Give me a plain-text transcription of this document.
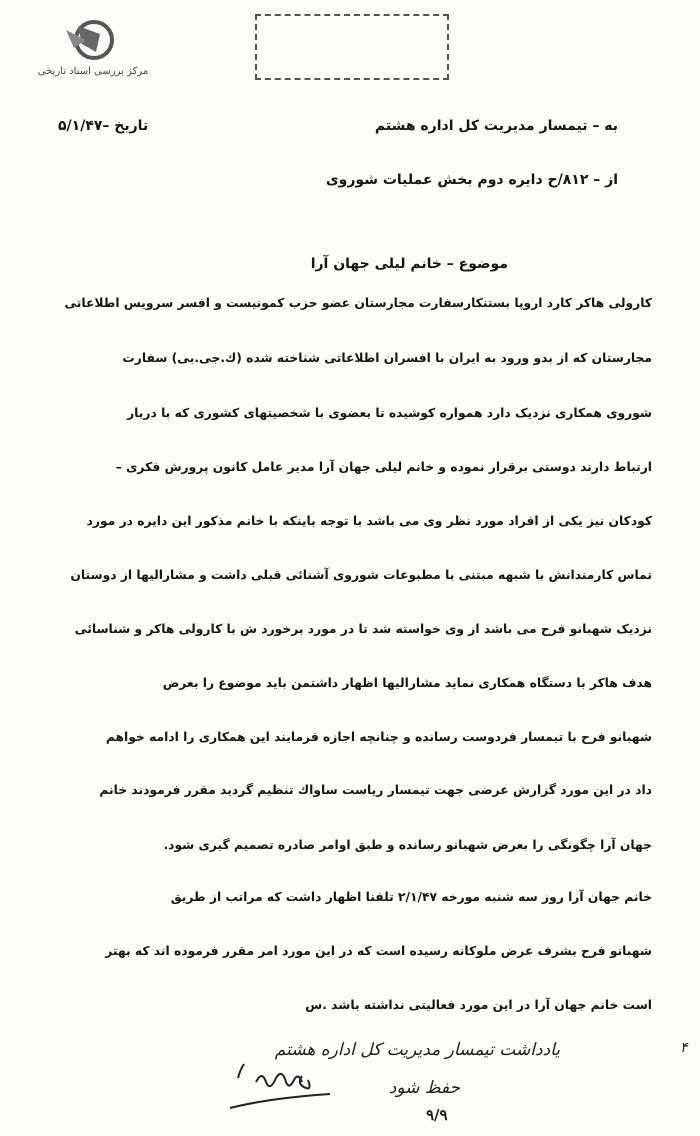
مرکز بررسی اسناد تاریخی
به – تیمسار مدیریت کل اداره هشتم
تاریخ –۵/۱/۴۷
از – ۸۱۲/ح دایره دوم بخش عملیات شوروی
موضوع – خانم لیلی جهان آرا
کارولی هاکر کارد اروپا بستنکارسفارت مجارستان عضو حزب کمونیست و افسر سرویس اطلاعاتی
مجارستان که از بدو ورود به ایران با افسران اطلاعاتی شناخته شده (ك.جی.بی) سفارت
شوروی همکاری نزدیک دارد همواره کوشیده تا بعضوی با شخصیتهای کشوری که با دربار
ارتباط دارند دوستی برقرار نموده و خانم لیلی جهان آرا مدیر عامل کانون پرورش فکری –
کودکان نیز یکی از افراد مورد نظر وی می باشد با توجه باینکه با خانم مذکور این دایره در مورد
تماس کارمندانش با شبهه مبتنی با مطبوعات شوروی آشنائی قبلی داشت و مشارالیها از دوستان
نزدیک شهبانو فرح می باشد از وی خواسته شد تا در مورد برخورد ش با کارولی هاکر و شناسائی
هدف هاکر با دستگاه همکاری نماید مشارالیها اظهار داشتمن باید موضوع را بعرض
شهبانو فرح با تیمسار فردوست رسانده و چنانچه اجازه فرمایند این همکاری را ادامه خواهم
داد در این مورد گزارش عرضی جهت تیمسار ریاست ساواك تنظیم گردید مقرر فرمودند خانم
جهان آرا چگونگی را بعرض شهبانو رسانده و طبق اوامر صادره تصمیم گیری شود.
خانم جهان آرا روز سه شنبه مورخه ۲/۱/۴۷ تلفنا اظهار داشت که مراتب از طریق
شهبانو فرح بشرف عرض ملوکانه رسیده است که در این مورد امر مقرر فرموده اند که بهتر
است خانم جهان آرا در این مورد فعالیتی نداشته باشد .س
۴
یادداشت تیمسار مدیریت کل اداره هشتم
حفظ شود
۹/۹
